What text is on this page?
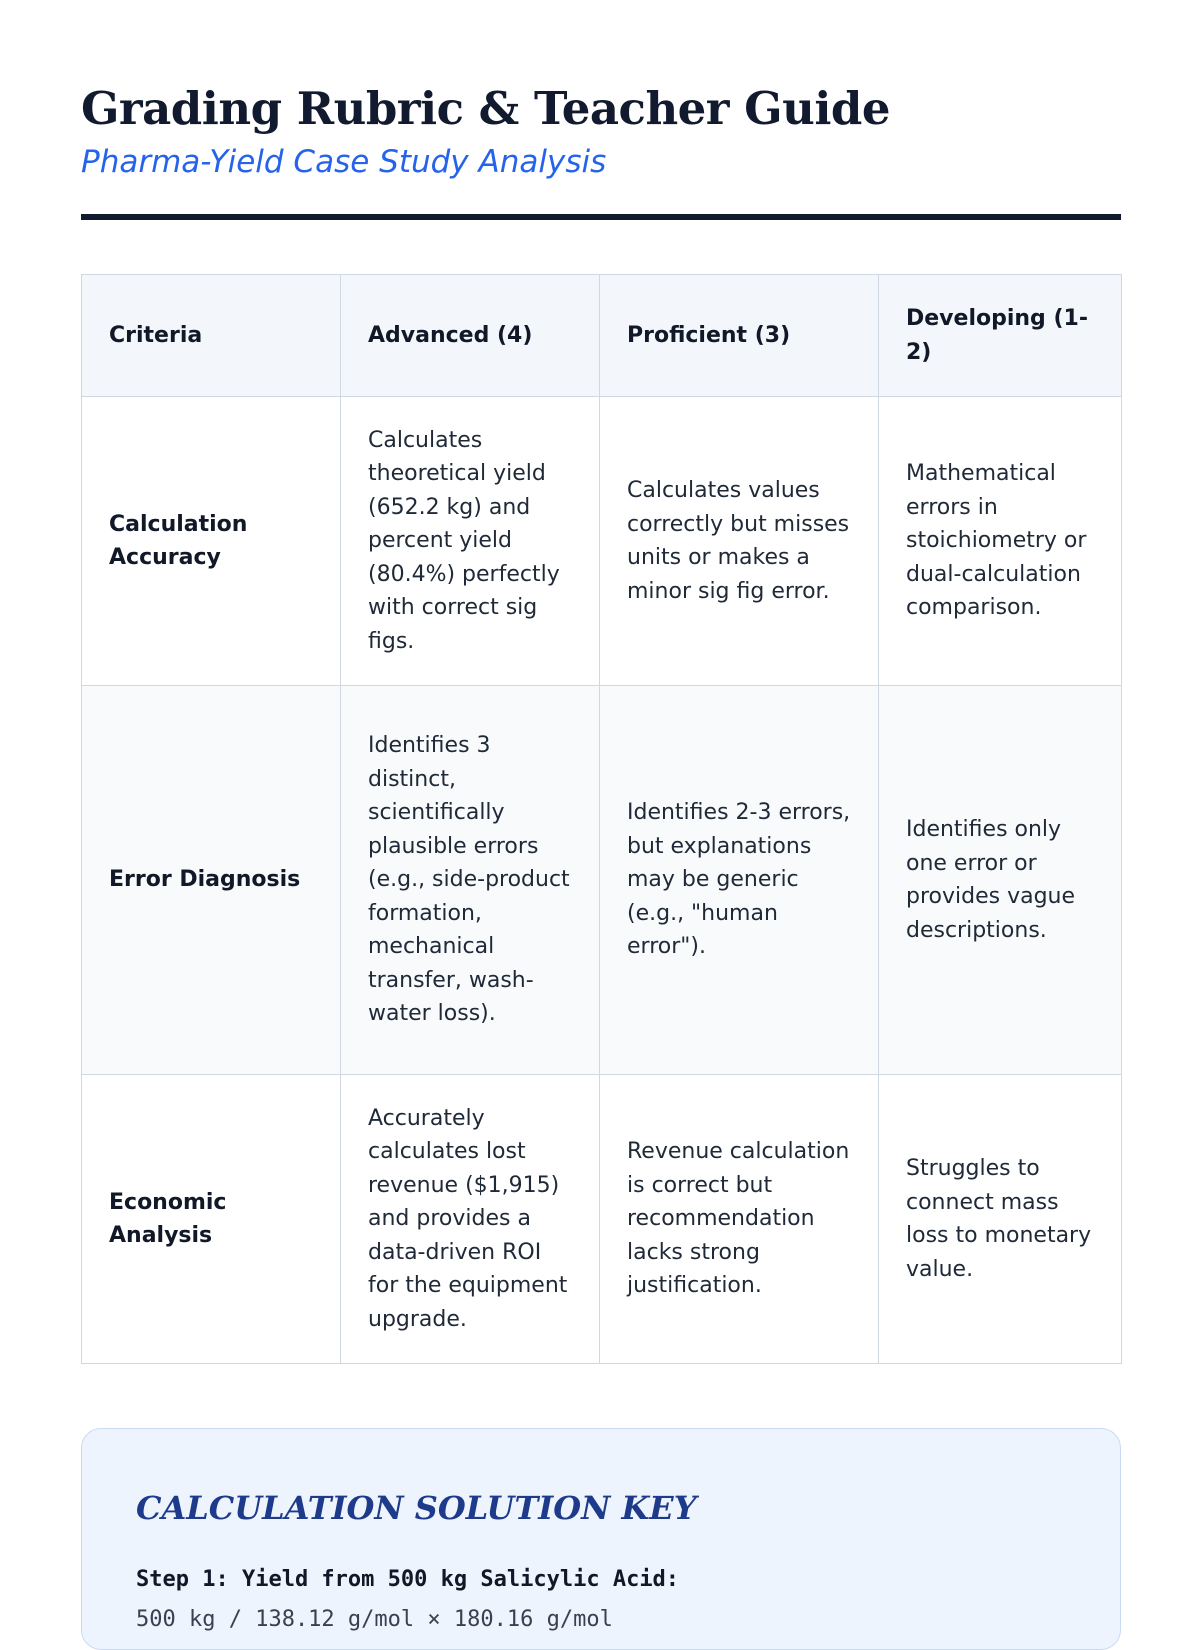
Grading Rubric & Teacher Guide
Pharma-Yield Case Study Analysis
Criteria	Advanced (4)	Proficient (3)	Developing (1-2)
Calculation Accuracy	Calculates theoretical yield (652.2 kg) and percent yield (80.4%) perfectly with correct sig figs.	Calculates values correctly but misses units or makes a minor sig fig error.	Mathematical errors in stoichiometry or dual-calculation comparison.
Error Diagnosis	Identifies 3 distinct, scientifically plausible errors (e.g., side-product formation, mechanical transfer, wash-water loss).	Identifies 2-3 errors, but explanations may be generic (e.g., "human error").	Identifies only one error or provides vague descriptions.
Economic Analysis	Accurately calculates lost revenue ($1,915) and provides a data-driven ROI for the equipment upgrade.	Revenue calculation is correct but recommendation lacks strong justification.	Struggles to connect mass loss to monetary value.
CALCULATION SOLUTION KEY
Step 1: Yield from 500 kg Salicylic Acid:
500 kg / 138.12 g/mol × 180.16 g/mol
